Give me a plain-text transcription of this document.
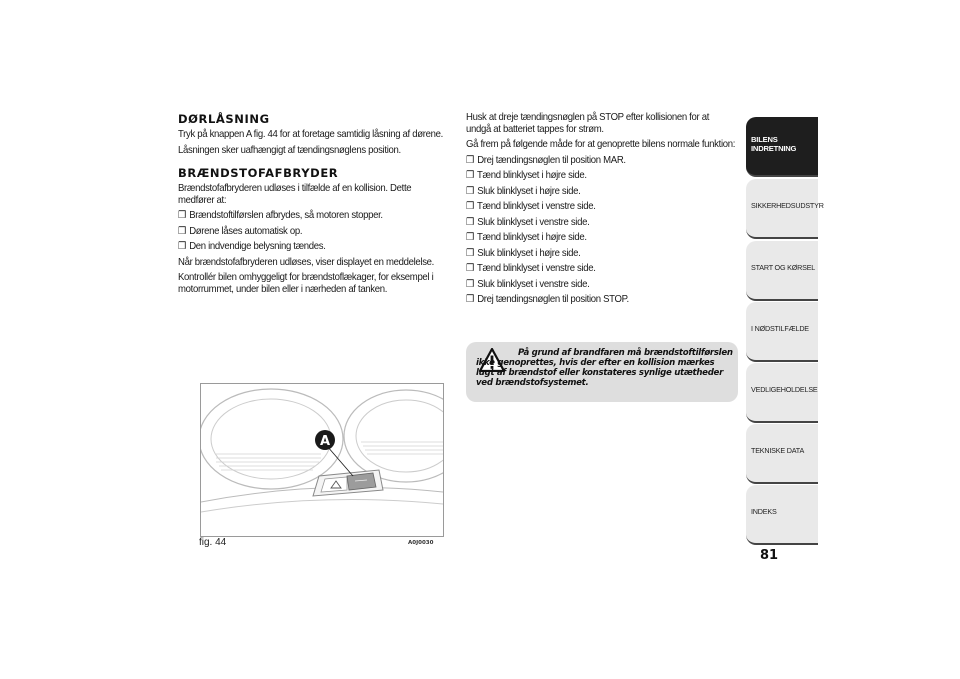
DØRLÅSNING

Tryk på knappen A fig. 44 for at foretage samtidig låsning af dørene.

Låsningen sker uafhængigt af tændingsnøglens position.

BRÆNDSTOFAFBRYDER

Brændstofafbryderen udløses i tilfælde af en kollision. Dette medfører at:

❒ Brændstoftilførslen afbrydes, så motoren stopper.
❒ Dørene låses automatisk op.
❒ Den indvendige belysning tændes.

Når brændstofafbryderen udløses, viser displayet en meddelelse.

Kontrollér bilen omhyggeligt for brændstoflækager, for eksempel i motorrummet, under bilen eller i nærheden af tanken.

Husk at dreje tændingsnøglen på STOP efter kollisionen for at undgå at batteriet tappes for strøm.

Gå frem på følgende måde for at genoprette bilens normale funktion:

❒ Drej tændingsnøglen til position MAR.
❒ Tænd blinklyset i højre side.
❒ Sluk blinklyset i højre side.
❒ Tænd blinklyset i venstre side.
❒ Sluk blinklyset i venstre side.
❒ Tænd blinklyset i højre side.
❒ Sluk blinklyset i højre side.
❒ Tænd blinklyset i venstre side.
❒ Sluk blinklyset i venstre side.
❒ Drej tændingsnøglen til position STOP.
På grund af brandfaren må brændstoftilførslen ikke genoprettes, hvis der efter en kollision mærkes lugt af brændstof eller konstateres synlige utætheder ved brændstofsystemet.
A
fig. 44	A0J0030
BILENS INDRETNING
SIKKERHEDSUDSTYR
START OG KØRSEL
I NØDSTILFÆLDE
VEDLIGEHOLDELSE
TEKNISKE DATA
INDEKS
81
